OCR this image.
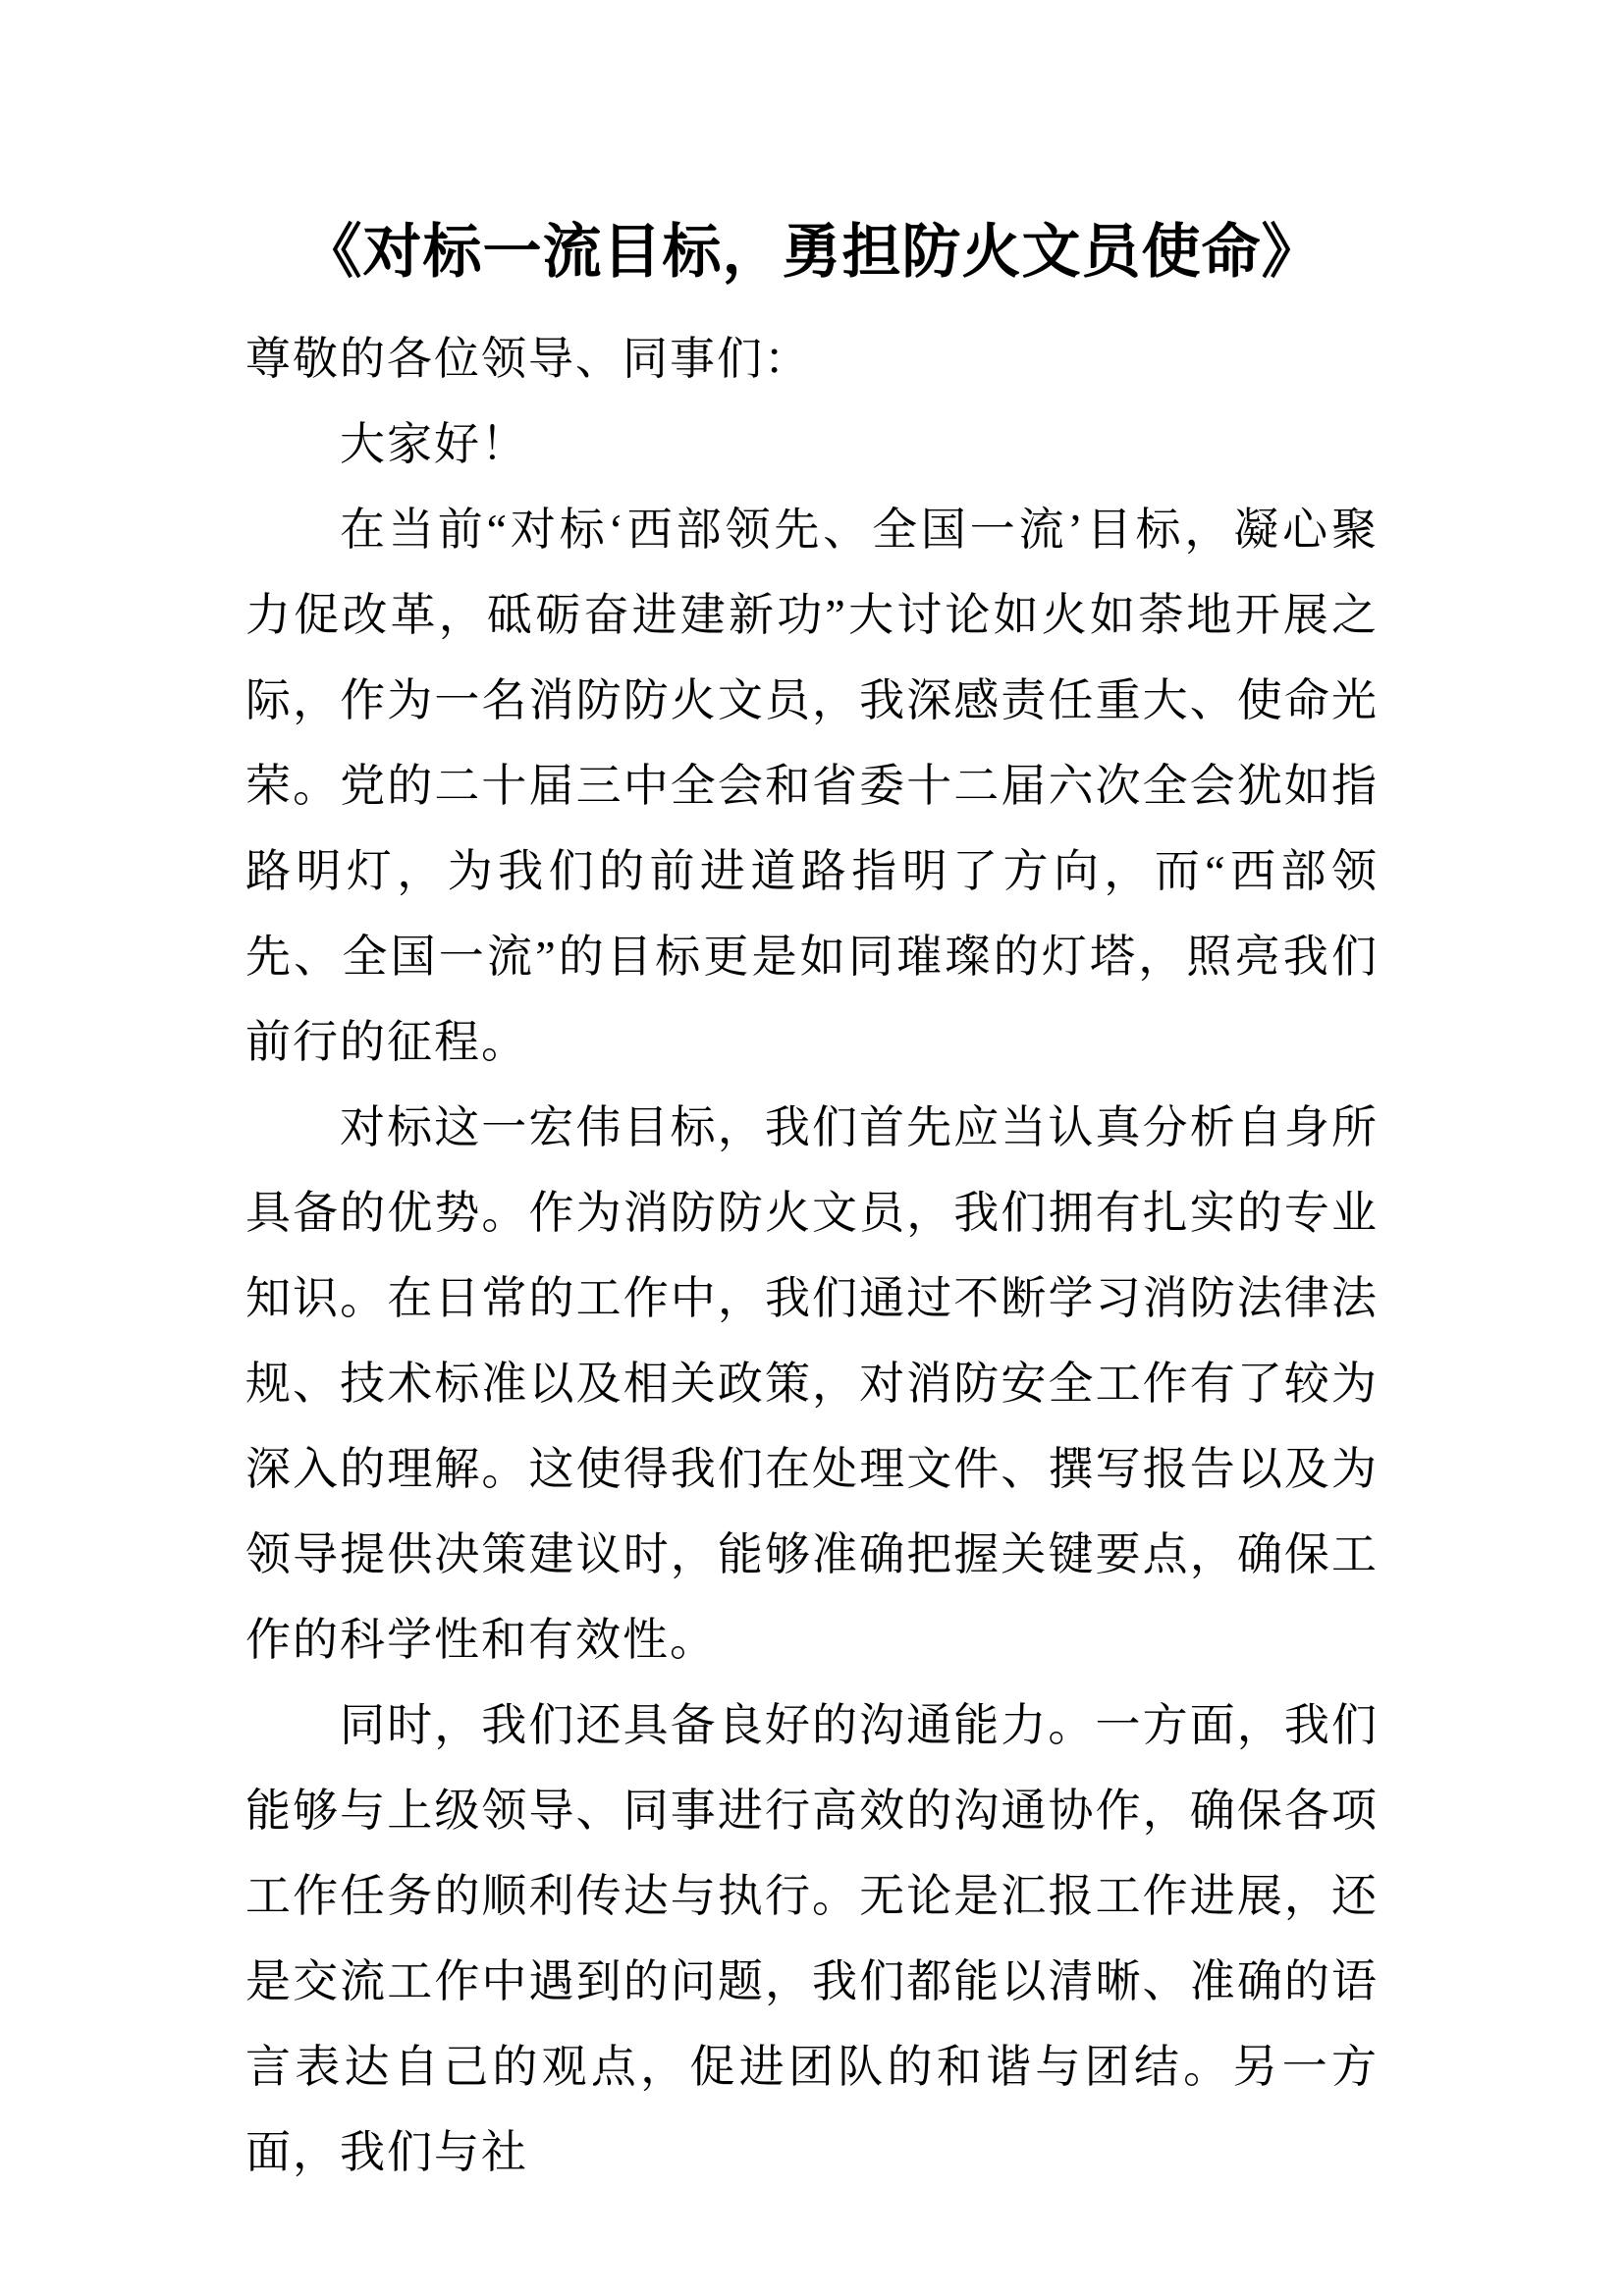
《对标一流目标，勇担防火文员使命》

尊敬的各位领导、同事们：

大家好！

在当前“对标‘西部领先、全国一流’目标，凝心聚力促改革，砥砺奋进建新功”大讨论如火如荼地开展之际，作为一名消防防火文员，我深感责任重大、使命光荣。党的二十届三中全会和省委十二届六次全会犹如指路明灯，为我们的前进道路指明了方向，而“西部领先、全国一流”的目标更是如同璀璨的灯塔，照亮我们前行的征程。

对标这一宏伟目标，我们首先应当认真分析自身所具备的优势。作为消防防火文员，我们拥有扎实的专业知识。在日常的工作中，我们通过不断学习消防法律法规、技术标准以及相关政策，对消防安全工作有了较为深入的理解。这使得我们在处理文件、撰写报告以及为领导提供决策建议时，能够准确把握关键要点，确保工作的科学性和有效性。

同时，我们还具备良好的沟通能力。一方面，我们能够与上级领导、同事进行高效的沟通协作，确保各项工作任务的顺利传达与执行。无论是汇报工作进展，还是交流工作中遇到的问题，我们都能以清晰、准确的语言表达自己的观点，促进团队的和谐与团结。另一方面，我们与社
